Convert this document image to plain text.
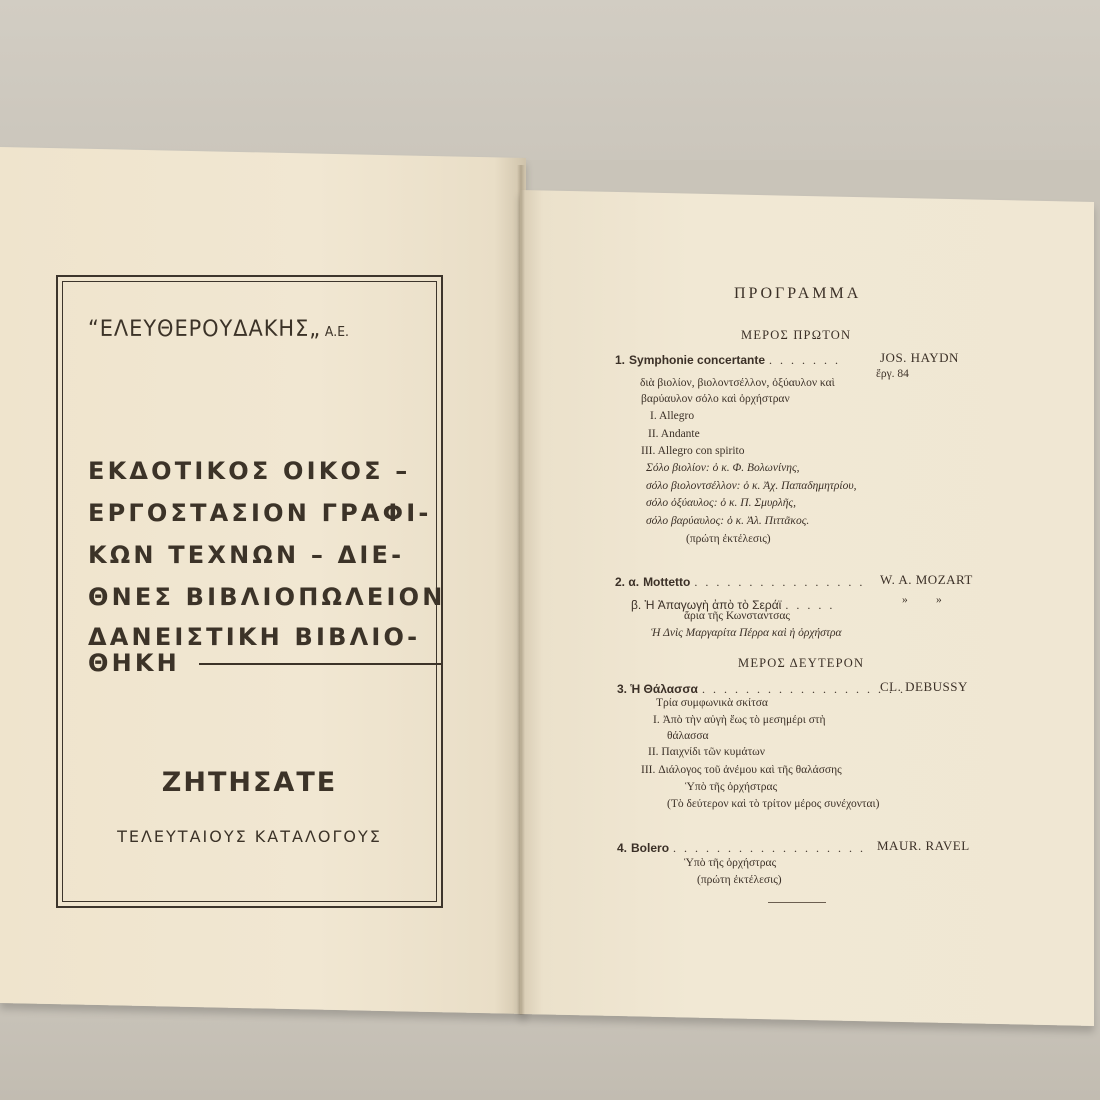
“ΕΛΕΥΘΕΡΟΥΔΑΚΗΣ„ Α.Ε.
ΕΚΔΟΤΙΚΟΣ ΟΙΚΟΣ –
ΕΡΓΟΣΤΑΣΙΟΝ ΓΡΑΦΙ-
ΚΩΝ ΤΕΧΝΩΝ – ΔΙΕ-
ΘΝΕΣ ΒΙΒΛΙΟΠΩΛΕΙΟΝ
ΔΑΝΕΙΣΤΙΚΗ ΒΙΒΛΙΟ-
ΘΗΚΗ
ΖΗΤΗΣΑΤΕ
ΤΕΛΕΥΤΑΙΟΥΣ ΚΑΤΑΛΟΓΟΥΣ
ΠΡΟΓΡΑΜΜΑ
ΜΕΡΟΣ ΠΡΩΤΟΝ
1. Symphonie concertante . . . . . . .	JOS. HAYDN
ἔργ. 84
διὰ βιολίον, βιολοντσέλλον, ὀξύαυλον καὶ
βαρύαυλον σόλο καὶ ὀρχήστραν
I. Allegro
II. Andante
III. Allegro con spirito
Σόλο βιολίον: ὁ κ. Φ. Βολωνίνης,
σόλο βιολοντσέλλον: ὁ κ. Ἀχ. Παπαδημητρίου,
σόλο ὀξύαυλος: ὁ κ. Π. Σμυρλῆς,
σόλο βαρύαυλος: ὁ κ. Ἀλ. Πιττᾶκος.
(πρώτη ἐκτέλεσις)
2. α. Mottetto . . . . . . . . . . . . . . . . W. A. MOZART
β. Ἡ Ἀπαγωγὴ ἀπὸ τὸ Σεράϊ . . . . .	» »
ἄρια τῆς Κωνσταντσας
Ἡ Δνὶς Μαργαρίτα Πέρρα καὶ ἡ ὀρχήστρα
ΜΕΡΟΣ ΔΕΥΤΕΡΟΝ
3. Ἡ Θάλασσα . . . . . . . . . . . . . . . . . . .
CL. DEBUSSY
Τρία συμφωνικὰ σκίτσα
I. Ἀπὸ τὴν αὐγὴ ἕως τὸ μεσημέρι στὴ
θάλασσα
II. Παιχνίδι τῶν κυμάτων
III. Διάλογος τοῦ ἀνέμου καὶ τῆς θαλάσσης
Ὑπὸ τῆς ὀρχήστρας
(Τὸ δεύτερον καὶ τὸ τρίτον μέρος συνέχονται)
4. Bolero . . . . . . . . . . . . . . . . . . MAUR. RAVEL
Ὑπὸ τῆς ὀρχήστρας
(πρώτη ἐκτέλεσις)
